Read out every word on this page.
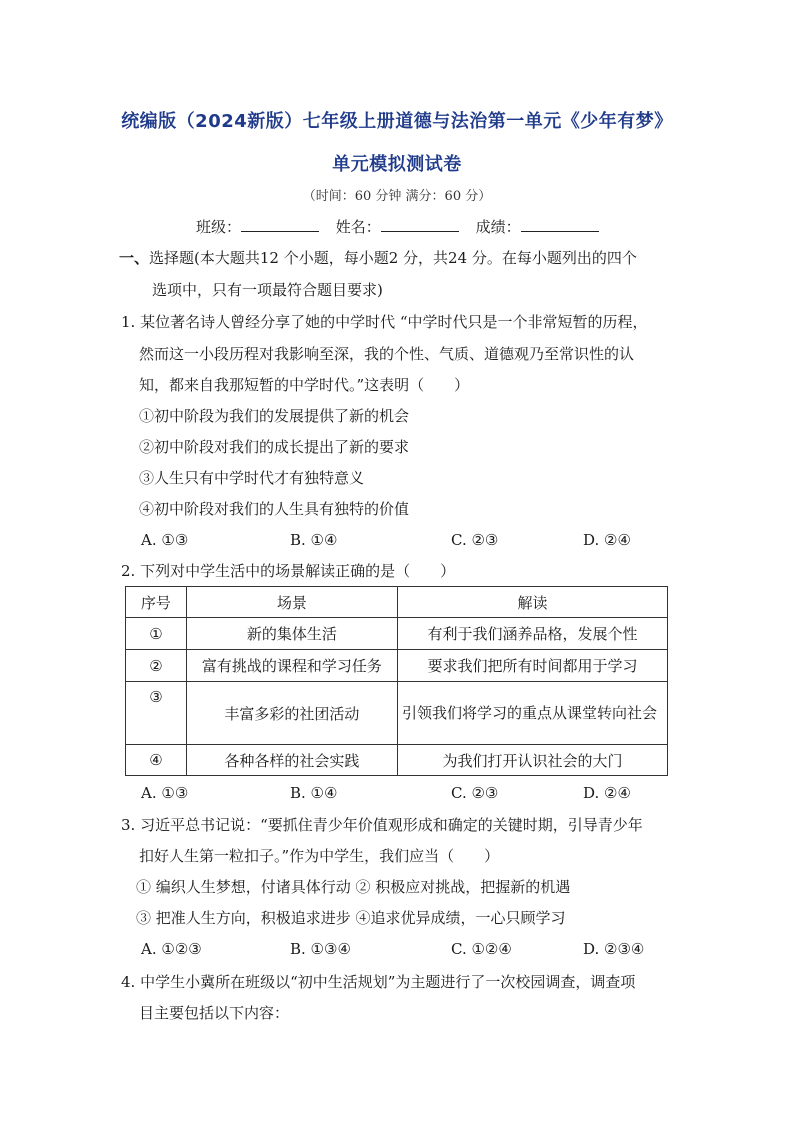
统编版（2024新版）七年级上册道德与法治第一单元《少年有梦》
单元模拟测试卷
（时间：60 分钟 满分：60 分）
班级：	姓名：	成绩：
一、选择题(本大题共12 个小题，每小题2 分，共24 分。在每小题列出的四个
选项中，只有一项最符合题目要求)
1. 某位著名诗人曾经分享了她的中学时代 “中学时代只是一个非常短暂的历程，
然而这一小段历程对我影响至深，我的个性、气质、道德观乃至常识性的认
知，都来自我那短暂的中学时代。”这表明（　　）
①初中阶段为我们的发展提供了新的机会
②初中阶段对我们的成长提出了新的要求
③人生只有中学时代才有独特意义
④初中阶段对我们的人生具有独特的价值
A. ①③	B. ①④	C. ②③	D. ②④
2. 下列对中学生活中的场景解读正确的是（　　）
序号	场景	解读
①	新的集体生活	有利于我们涵养品格，发展个性
②	富有挑战的课程和学习任务	要求我们把所有时间都用于学习
③	丰富多彩的社团活动	引领我们将学习的重点从课堂转向社会
④	各种各样的社会实践	为我们打开认识社会的大门
A. ①③	B. ①④	C. ②③	D. ②④
3. 习近平总书记说：“要抓住青少年价值观形成和确定的关键时期，引导青少年
扣好人生第一粒扣子。”作为中学生，我们应当（　　）
① 编织人生梦想，付诸具体行动 ② 积极应对挑战，把握新的机遇
③ 把准人生方向，积极追求进步 ④追求优异成绩，一心只顾学习
A. ①②③	B. ①③④	C. ①②④	D. ②③④
4. 中学生小冀所在班级以“初中生活规划”为主题进行了一次校园调查，调查项
目主要包括以下内容：
